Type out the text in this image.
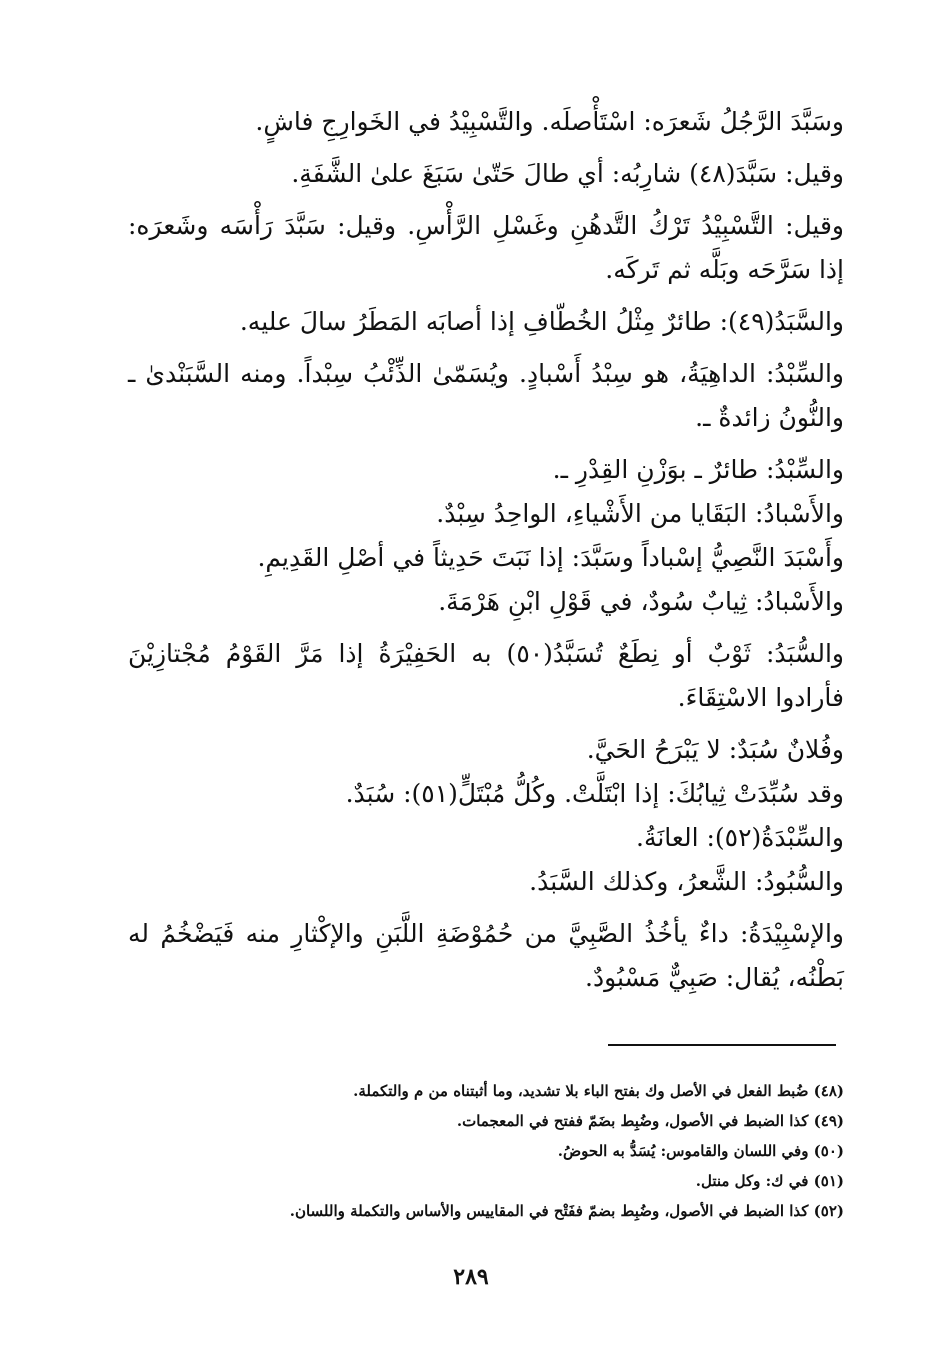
وسَبَّدَ الرَّجُلُ شَعرَه: اسْتَأْصلَه. والتَّسْبِيْدُ في الخَوارِجِ فاشٍ.

وقيل: سَبَّدَ(٤٨) شارِبُه: أي طالَ حَتّىٰ سَبَغَ علىٰ الشَّفَةِ.

وقيل: التَّسْبِيْدُ تَرْكُ التَّدهُنِ وغَسْلِ الرَّأْسِ. وقيل: سَبَّدَ رَأْسَه وشَعرَه: إذا سَرَّحَه وبَلَّه ثم تَركَه.

والسَّبَدُ(٤٩): طائرٌ مِثْلُ الخُطّافِ إذا أصابَه المَطَرُ سالَ عليه.

والسِّبْدُ: الداهِيَةُ، هو سِبْدُ أَسْبادٍ. ويُسَمّىٰ الذِّئْبُ سِبْداً. ومنه السَّبَنْدىٰ ـ والنُّونُ زائدةٌ ـ.

والسِّبْدُ: طائرٌ ـ بوَزْنِ القِدْرِ ـ.

والأَسْبادُ: البَقَايا من الأَشْياءِ، الواحِدُ سِبْدٌ.

وأَسْبَدَ النَّصِيُّ إسْباداً وسَبَّدَ: إذا نَبَتَ حَدِيثاً في أصْلِ القَدِيمِ.

والأَسْبادُ: ثِيابٌ سُودٌ، في قَوْلِ ابْنِ هَرْمَةَ.

والسُّبَدُ: ثَوْبٌ أو نِطَعٌ تُسَبَّدُ(٥٠) به الحَفِيْرَةُ إذا مَرَّ القَوْمُ مُجْتازِيْنَ فأرادوا الاسْتِقَاءَ.

وفُلانٌ سُبَدٌ: لا يَبْرَحُ الحَيَّ.

وقد سُبِّدَتْ ثِيابُكَ: إذا ابْتَلَّتْ. وكُلُّ مُبْتَلٍّ(٥١): سُبَدٌ.

والسِّبْدَةُ(٥٢): العانَةُ.

والسُّبُودُ: الشَّعرُ، وكذلك السَّبَدُ.

والإسْبِيْدَةُ: داءٌ يأخُذُ الصَّبِيَّ من حُمُوْضَةِ اللَّبَنِ والإكْثارِ منه فَيَضْخُمُ له بَطْنُه، يُقال: صَبِيٌّ مَسْبُودٌ.

(٤٨) ضُبط الفعل في الأصل وك بفتح الباء بلا تشديد، وما أثبتناه من م والتكملة.

(٤٩) كذا الضبط في الأصول، وضُبِط بضَمّ ففتح في المعجمات.

(٥٠) وفي اللسان والقاموس: يُسَدُّ به الحوضُ.

(٥١) في ك: وكل منتل.

(٥٢) كذا الضبط في الأصول، وضُبِط بضمّ ففَتْح في المقاييس والأساس والتكملة واللسان.

٢٨٩
